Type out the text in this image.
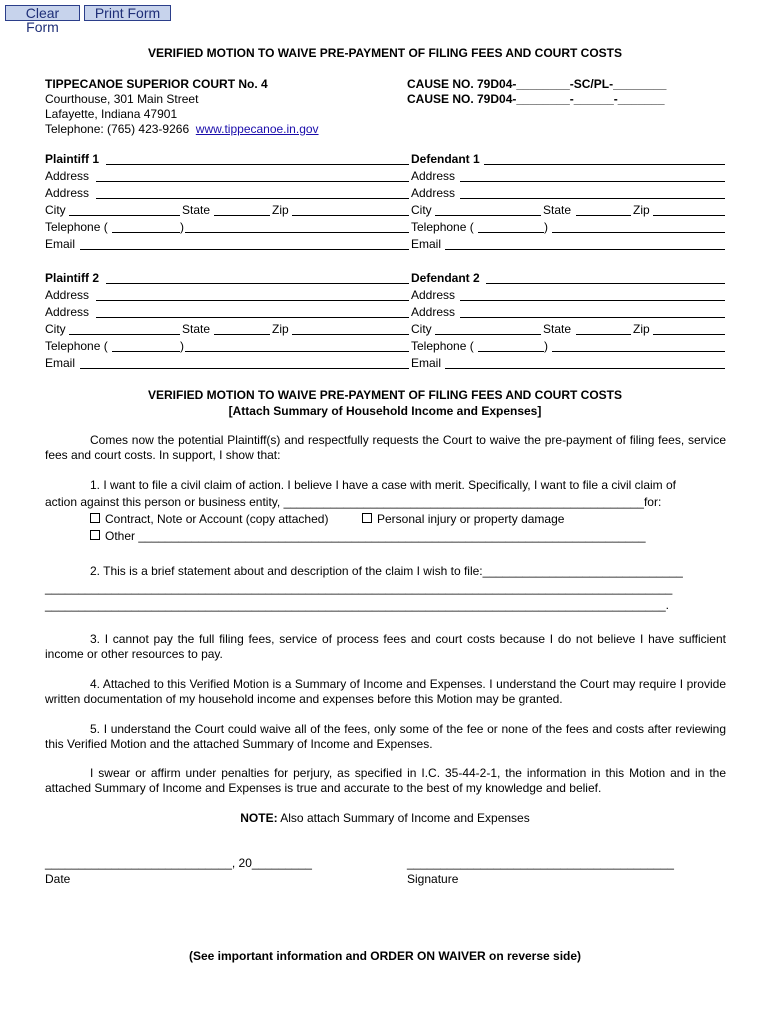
Clear Form
Print Form
VERIFIED MOTION TO WAIVE PRE-PAYMENT OF FILING FEES AND COURT COSTS
TIPPECANOE SUPERIOR COURT No. 4
Courthouse, 301 Main Street
Lafayette, Indiana 47901
Telephone: (765) 423-9266 www.tippecanoe.in.gov
CAUSE NO. 79D04-________-SC/PL-________
CAUSE NO. 79D04-________-______-_______
Plaintiff 1
Address
Address
City	State	Zip
Telephone (	)
Email
Defendant 1
Address
Address
City	State	Zip
Telephone (	)
Email
Plaintiff 2
Address
Address
City	State	Zip
Telephone (	)
Email
Defendant 2
Address
Address
City	State	Zip
Telephone (	)
Email
VERIFIED MOTION TO WAIVE PRE-PAYMENT OF FILING FEES AND COURT COSTS
[Attach Summary of Household Income and Expenses]
Comes now the potential Plaintiff(s) and respectfully requests the Court to waive the pre-payment of filing fees, service fees and court costs. In support, I show that:
1. I want to file a civil claim of action. I believe I have a case with merit. Specifically, I want to file a civil claim of
action against this person or business entity, ______________________________________________________for:
Contract, Note or Account (copy attached)	Personal injury or property damage
Other ____________________________________________________________________________
2. This is a brief statement about and description of the claim I wish to file:______________________________
______________________________________________________________________________________________
_____________________________________________________________________________________________.
3. I cannot pay the full filing fees, service of process fees and court costs because I do not believe I have sufficient income or other resources to pay.
4. Attached to this Verified Motion is a Summary of Income and Expenses. I understand the Court may require I provide written documentation of my household income and expenses before this Motion may be granted.
5. I understand the Court could waive all of the fees, only some of the fee or none of the fees and costs after reviewing this Verified Motion and the attached Summary of Income and Expenses.
I swear or affirm under penalties for perjury, as specified in I.C. 35-44-2-1, the information in this Motion and in the attached Summary of Income and Expenses is true and accurate to the best of my knowledge and belief.
NOTE: Also attach Summary of Income and Expenses
____________________________, 20_________	________________________________________
Date	Signature
(See important information and ORDER ON WAIVER on reverse side)
